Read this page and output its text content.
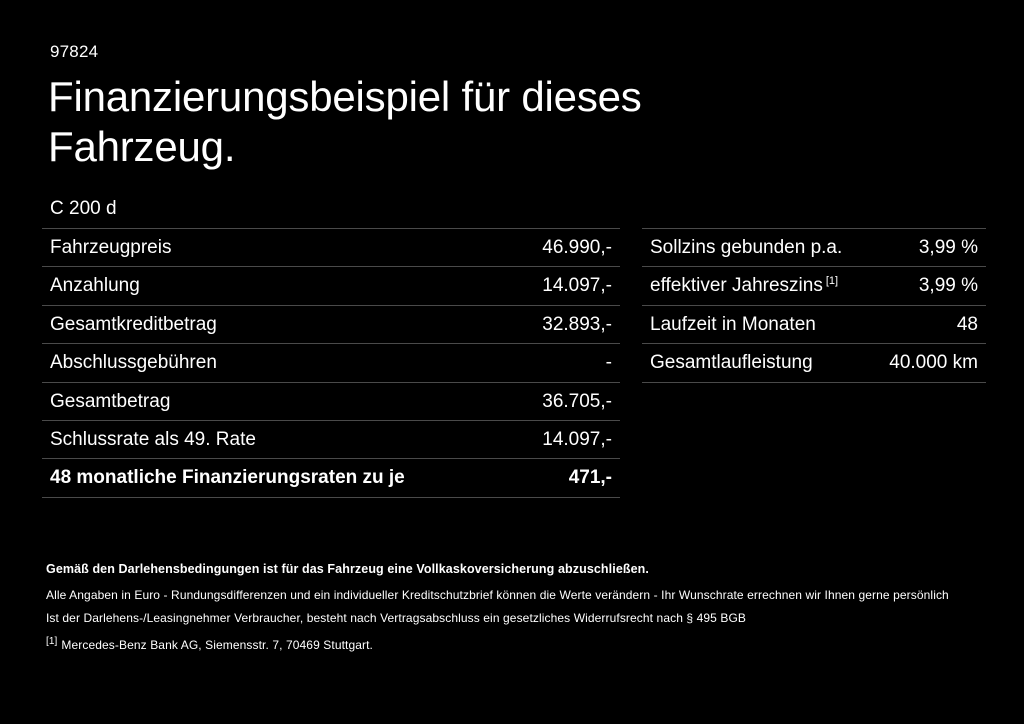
97824
Finanzierungsbeispiel für dieses Fahrzeug.
C 200 d
Fahrzeugpreis	46.990,-
Anzahlung	14.097,-
Gesamtkreditbetrag	32.893,-
Abschlussgebühren	-
Gesamtbetrag	36.705,-
Schlussrate als 49. Rate	14.097,-
48 monatliche Finanzierungsraten zu je	471,-
Sollzins gebunden p.a.	3,99 %
effektiver Jahreszins [1]	3,99 %
Laufzeit in Monaten	48
Gesamtlaufleistung	40.000 km
Gemäß den Darlehensbedingungen ist für das Fahrzeug eine Vollkaskoversicherung abzuschließen.
Alle Angaben in Euro - Rundungsdifferenzen und ein individueller Kreditschutzbrief können die Werte verändern - Ihr Wunschrate errechnen wir Ihnen gerne persönlich
Ist der Darlehens-/Leasingnehmer Verbraucher, besteht nach Vertragsabschluss ein gesetzliches Widerrufsrecht nach § 495 BGB
[1] Mercedes-Benz Bank AG, Siemensstr. 7, 70469 Stuttgart.
